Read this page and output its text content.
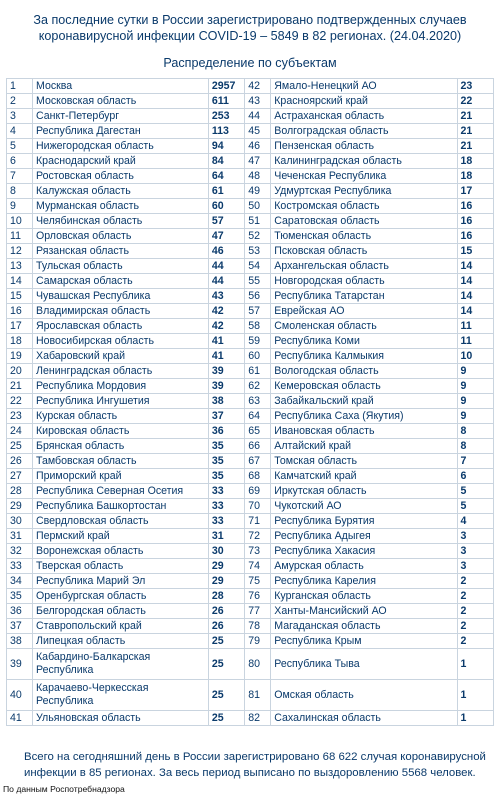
За последние сутки в России зарегистрировано подтвержденных случаев коронавирусной инфекции COVID-19 – 5849 в 82 регионах. (24.04.2020)
Распределение по субъектам
1	Москва	2957	42	Ямало-Ненецкий АО	23
2	Московская область	611	43	Красноярский край	22
3	Санкт-Петербург	253	44	Астраханская область	21
4	Республика Дагестан	113	45	Волгоградская область	21
5	Нижегородская область	94	46	Пензенская область	21
6	Краснодарский край	84	47	Калининградская область	18
7	Ростовская область	64	48	Чеченская Республика	18
8	Калужская область	61	49	Удмуртская Республика	17
9	Мурманская область	60	50	Костромская область	16
10	Челябинская область	57	51	Саратовская область	16
11	Орловская область	47	52	Тюменская область	16
12	Рязанская область	46	53	Псковская область	15
13	Тульская область	44	54	Архангельская область	14
14	Самарская область	44	55	Новгородская область	14
15	Чувашская Республика	43	56	Республика Татарстан	14
16	Владимирская область	42	57	Еврейская АО	14
17	Ярославская область	42	58	Смоленская область	11
18	Новосибирская область	41	59	Республика Коми	11
19	Хабаровский край	41	60	Республика Калмыкия	10
20	Ленинградская область	39	61	Вологодская область	9
21	Республика Мордовия	39	62	Кемеровская область	9
22	Республика Ингушетия	38	63	Забайкальский край	9
23	Курская область	37	64	Республика Саха (Якутия)	9
24	Кировская область	36	65	Ивановская область	8
25	Брянская область	35	66	Алтайский край	8
26	Тамбовская область	35	67	Томская область	7
27	Приморский край	35	68	Камчатский край	6
28	Республика Северная Осетия	33	69	Иркутская область	5
29	Республика Башкортостан	33	70	Чукотский АО	5
30	Свердловская область	33	71	Республика Бурятия	4
31	Пермский край	31	72	Республика Адыгея	3
32	Воронежская область	30	73	Республика Хакасия	3
33	Тверская область	29	74	Амурская область	3
34	Республика Марий Эл	29	75	Республика Карелия	2
35	Оренбургская область	28	76	Курганская область	2
36	Белгородская область	26	77	Ханты-Мансийский АО	2
37	Ставропольский край	26	78	Магаданская область	2
38	Липецкая область	25	79	Республика Крым	2
39	Кабардино-Балкарская Республика	25	80	Республика Тыва	1
40	Карачаево-Черкесская Республика	25	81	Омская область	1
41	Ульяновская область	25	82	Сахалинская область	1
Всего на сегодняшний день в России зарегистрировано 68 622 случая коронавирусной инфекции в 85 регионах. За весь период выписано по выздоровлению 5568 человек.
По данным Роспотребнадзора
